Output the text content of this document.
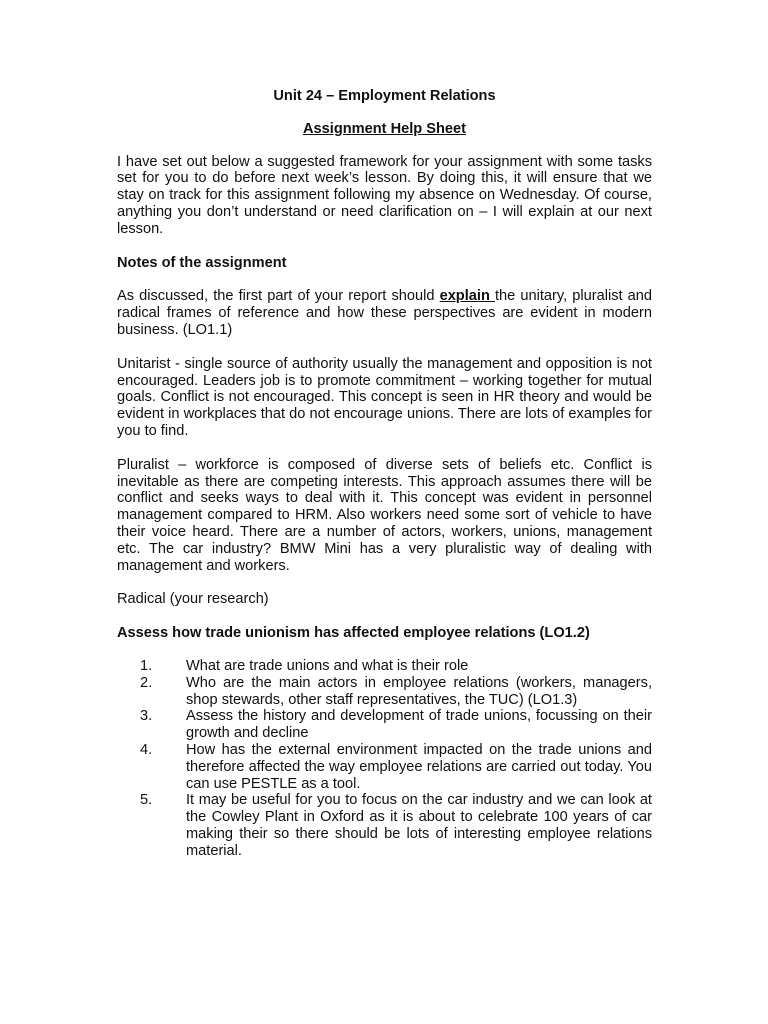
Unit 24 – Employment Relations

Assignment Help Sheet

I have set out below a suggested framework for your assignment with some tasks set for you to do before next week’s lesson. By doing this, it will ensure that we stay on track for this assignment following my absence on Wednesday. Of course, anything you don’t understand or need clarification on – I will explain at our next lesson.

Notes of the assignment

As discussed, the first part of your report should explain the unitary, pluralist and radical frames of reference and how these perspectives are evident in modern business. (LO1.1)

Unitarist - single source of authority usually the management and opposition is not encouraged. Leaders job is to promote commitment – working together for mutual goals. Conflict is not encouraged. This concept is seen in HR theory and would be evident in workplaces that do not encourage unions. There are lots of examples for you to find.

Pluralist – workforce is composed of diverse sets of beliefs etc. Conflict is inevitable as there are competing interests. This approach assumes there will be conflict and seeks ways to deal with it. This concept was evident in personnel management compared to HRM. Also workers need some sort of vehicle to have their voice heard. There are a number of actors, workers, unions, management etc. The car industry? BMW Mini has a very pluralistic way of dealing with management and workers.

Radical (your research)

Assess how trade unionism has affected employee relations (LO1.2)

1.	What are trade unions and what is their role
2.	Who are the main actors in employee relations (workers, managers, shop stewards, other staff representatives, the TUC) (LO1.3)
3.	Assess the history and development of trade unions, focussing on their growth and decline
4.	How has the external environment impacted on the trade unions and therefore affected the way employee relations are carried out today. You can use PESTLE as a tool.
5.	It may be useful for you to focus on the car industry and we can look at the Cowley Plant in Oxford as it is about to celebrate 100 years of car making their so there should be lots of interesting employee relations material.
